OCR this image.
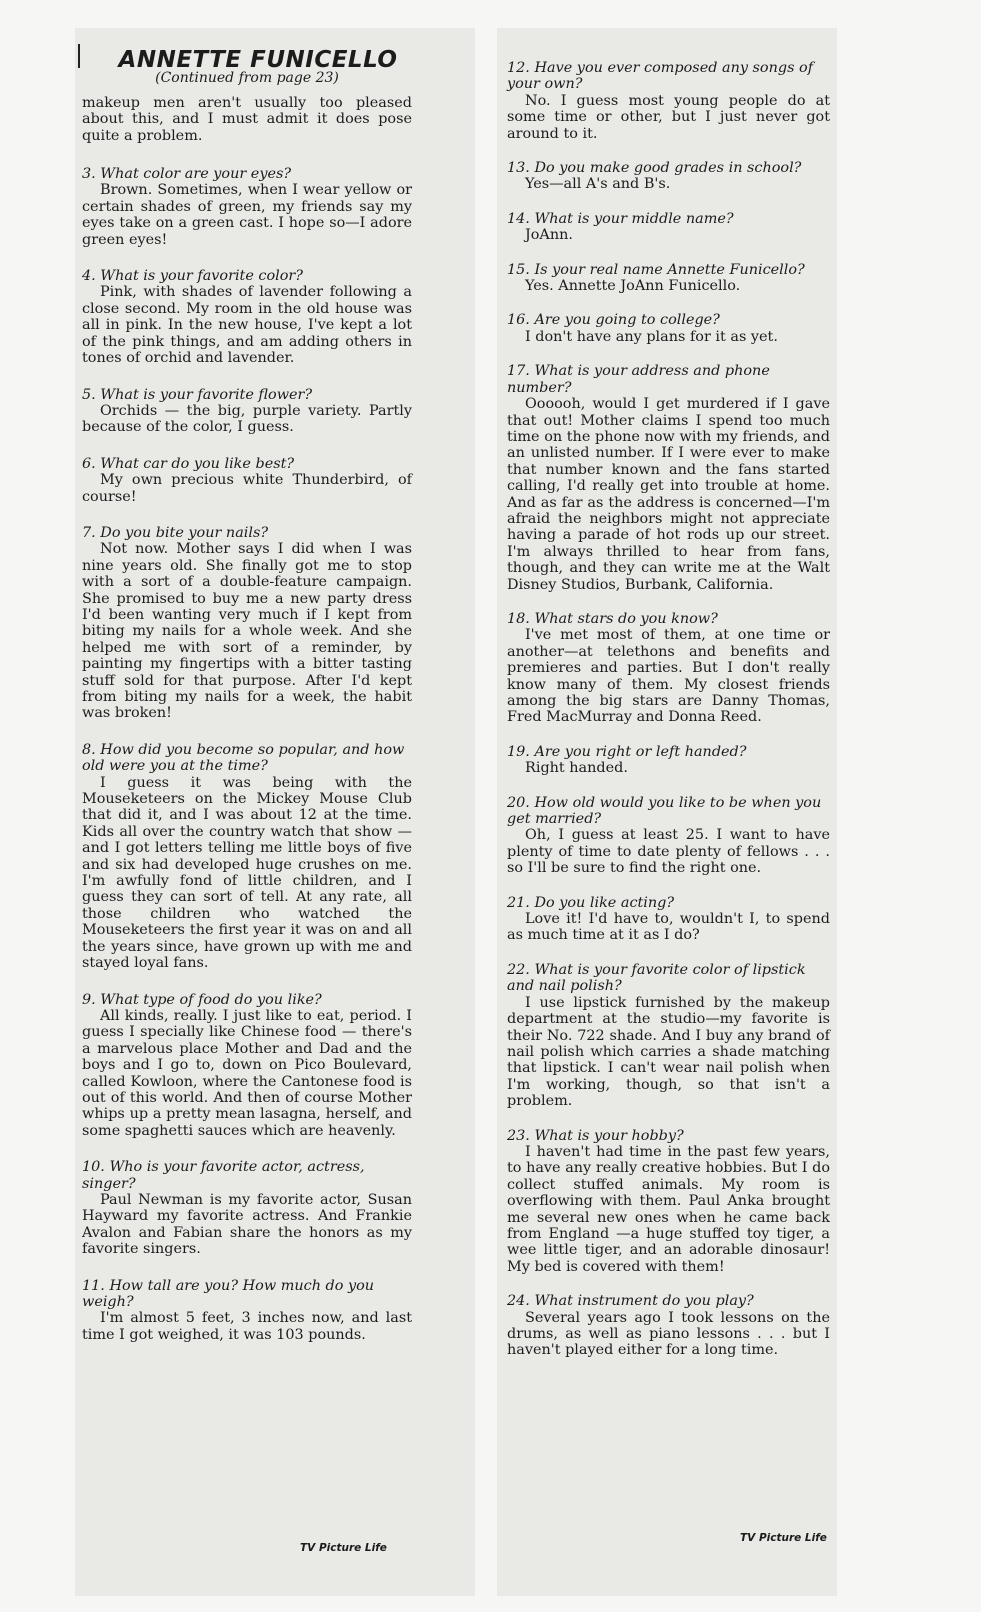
ANNETTE FUNICELLO
(Continued from page 23)

makeup men aren't usually too pleased about this, and I must admit it does pose quite a problem.

3. What color are your eyes?

Brown. Sometimes, when I wear yellow or certain shades of green, my friends say my eyes take on a green cast. I hope so—I adore green eyes!

4. What is your favorite color?

Pink, with shades of lavender following a close second. My room in the old house was all in pink. In the new house, I've kept a lot of the pink things, and am adding others in tones of orchid and lavender.

5. What is your favorite flower?

Orchids — the big, purple variety. Partly because of the color, I guess.

6. What car do you like best?

My own precious white Thunderbird, of course!

7. Do you bite your nails?

Not now. Mother says I did when I was nine years old. She finally got me to stop with a sort of a double-feature campaign. She promised to buy me a new party dress I'd been wanting very much if I kept from biting my nails for a whole week. And she helped me with sort of a reminder, by painting my fingertips with a bitter tasting stuff sold for that purpose. After I'd kept from biting my nails for a week, the habit was broken!

8. How did you become so popular, and how old were you at the time?

I guess it was being with the Mouseketeers on the Mickey Mouse Club that did it, and I was about 12 at the time. Kids all over the country watch that show — and I got letters telling me little boys of five and six had developed huge crushes on me. I'm awfully fond of little children, and I guess they can sort of tell. At any rate, all those children who watched the Mouseketeers the first year it was on and all the years since, have grown up with me and stayed loyal fans.

9. What type of food do you like?

All kinds, really. I just like to eat, period. I guess I specially like Chinese food — there's a marvelous place Mother and Dad and the boys and I go to, down on Pico Boulevard, called Kowloon, where the Cantonese food is out of this world. And then of course Mother whips up a pretty mean lasagna, herself, and some spaghetti sauces which are heavenly.

10. Who is your favorite actor, actress, singer?

Paul Newman is my favorite actor, Susan Hayward my favorite actress. And Frankie Avalon and Fabian share the honors as my favorite singers.

11. How tall are you? How much do you weigh?

I'm almost 5 feet, 3 inches now, and last time I got weighed, it was 103 pounds.

12. Have you ever composed any songs of your own?

No. I guess most young people do at some time or other, but I just never got around to it.

13. Do you make good grades in school?

Yes—all A's and B's.

14. What is your middle name?

JoAnn.

15. Is your real name Annette Funicello?

Yes. Annette JoAnn Funicello.

16. Are you going to college?

I don't have any plans for it as yet.

17. What is your address and phone number?

Oooooh, would I get murdered if I gave that out! Mother claims I spend too much time on the phone now with my friends, and an unlisted number. If I were ever to make that number known and the fans started calling, I'd really get into trouble at home. And as far as the address is concerned—I'm afraid the neighbors might not appreciate having a parade of hot rods up our street. I'm always thrilled to hear from fans, though, and they can write me at the Walt Disney Studios, Burbank, California.

18. What stars do you know?

I've met most of them, at one time or another—at telethons and benefits and premieres and parties. But I don't really know many of them. My closest friends among the big stars are Danny Thomas, Fred MacMurray and Donna Reed.

19. Are you right or left handed?

Right handed.

20. How old would you like to be when you get married?

Oh, I guess at least 25. I want to have plenty of time to date plenty of fellows . . . so I'll be sure to find the right one.

21. Do you like acting?

Love it! I'd have to, wouldn't I, to spend as much time at it as I do?

22. What is your favorite color of lipstick and nail polish?

I use lipstick furnished by the makeup department at the studio—my favorite is their No. 722 shade. And I buy any brand of nail polish which carries a shade matching that lipstick. I can't wear nail polish when I'm working, though, so that isn't a problem.

23. What is your hobby?

I haven't had time in the past few years, to have any really creative hobbies. But I do collect stuffed animals. My room is overflowing with them. Paul Anka brought me several new ones when he came back from England —a huge stuffed toy tiger, a wee little tiger, and an adorable dinosaur! My bed is covered with them!

24. What instrument do you play?

Several years ago I took lessons on the drums, as well as piano lessons . . . but I haven't played either for a long time.

TV Picture Life
TV Picture Life
